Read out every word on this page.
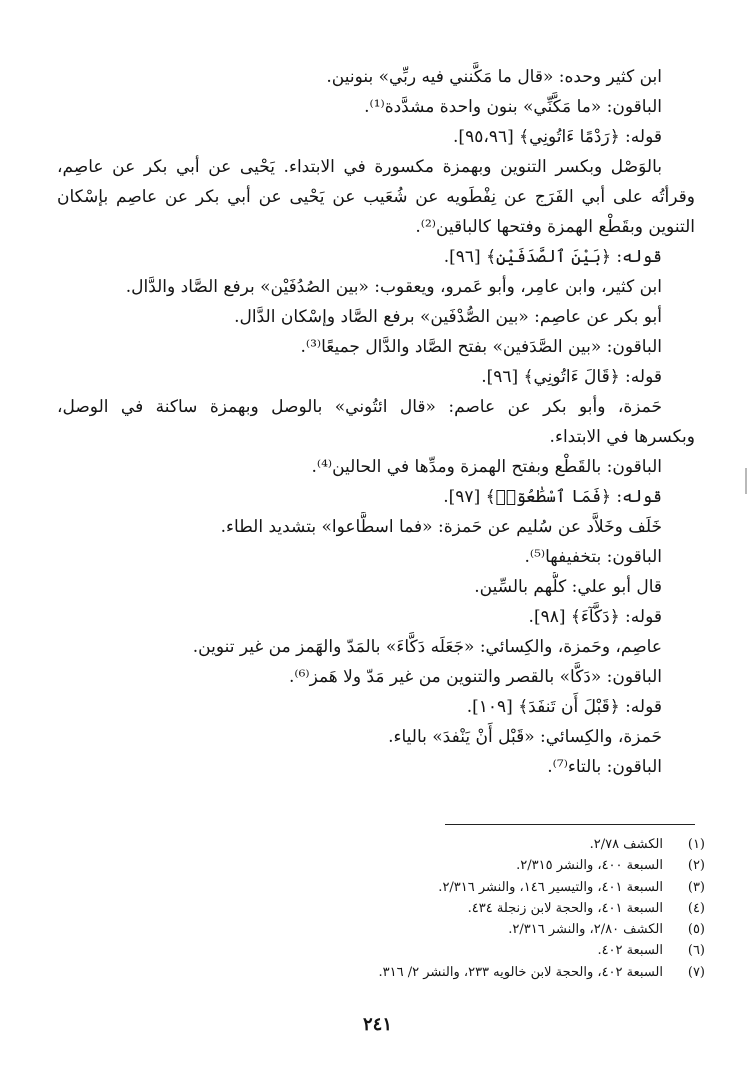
ابن كثير وحده: «قال ما مَكَّنني فيه ربِّي» بنونين.
الباقون: «ما مَكَّنِّي» بنون واحدة مشدَّدة⁽¹⁾.
قوله: ﴿رَدْمًا ءَاتُونِي﴾ [٩٥،٩٦].
بالوَصْل وبكسر التنوين وبهمزة مكسورة في الابتداء. يَحْيى عن أبي بكر عن عاصِم،
وقرأتُه على أبي الفَرَج عن نِفْطَويه عن شُعَيب عن يَحْيى عن أبي بكر عن عاصِم بإسْكان
التنوين وبقَطْع الهمزة وفتحها كالباقين⁽²⁾.
قوله: ﴿بَيْنَ ٱلصَّدَفَيْنِ﴾ [٩٦].
ابن كثير، وابن عامِر، وأبو عَمرو، ويعقوب: «بين الصُدُفَيْن» برفع الصَّاد والدَّال.
أبو بكر عن عاصِم: «بين الصُّدْفَين» برفع الصَّاد وإسْكان الدَّال.
الباقون: «بين الصَّدَفين» بفتح الصَّاد والدَّال جميعًا⁽³⁾.
قوله: ﴿قَالَ ءَاتُونِي﴾ [٩٦].
حَمزة، وأبو بكر عن عاصم: «قال ائتُوني» بالوصل وبهمزة ساكنة في الوصل،
وبكسرها في الابتداء.
الباقون: بالقَطْع وبفتح الهمزة ومدِّها في الحالين⁽⁴⁾.
قوله: ﴿فَمَا ٱسْطَٰعُوٓا۟﴾ [٩٧].
خَلَف وخَلاَّد عن سُليم عن حَمزة: «فما اسطَّاعوا» بتشديد الطاء.
الباقون: بتخفيفها⁽⁵⁾.
قال أبو علي: كلُّهم بالسِّين.
قوله: ﴿دَكَّآءَ﴾ [٩٨].
عاصِم، وحَمزة، والكِسائي: «جَعَلَه دَكَّاءَ» بالمَدّ والهَمز من غير تنوين.
الباقون: «دَكًّا» بالقصر والتنوين من غير مَدّ ولا هَمز⁽⁶⁾.
قوله: ﴿قَبْلَ أَن تَنفَدَ﴾ [١٠٩].
حَمزة، والكِسائي: «قَبْل أَنْ يَنْفدَ» بالياء.
الباقون: بالتاء⁽⁷⁾.
(١)الكشف ٢/٧٨.
(٢)السبعة ٤٠٠، والنشر ٢/٣١٥.
(٣)السبعة ٤٠١، والتيسير ١٤٦، والنشر ٢/٣١٦.
(٤)السبعة ٤٠١، والحجة لابن زنجلة ٤٣٤.
(٥)الكشف ٢/٨٠، والنشر ٢/٣١٦.
(٦)السبعة ٤٠٢.
(٧)السبعة ٤٠٢، والحجة لابن خالويه ٢٣٣، والنشر ٢/ ٣١٦.
٢٤١
